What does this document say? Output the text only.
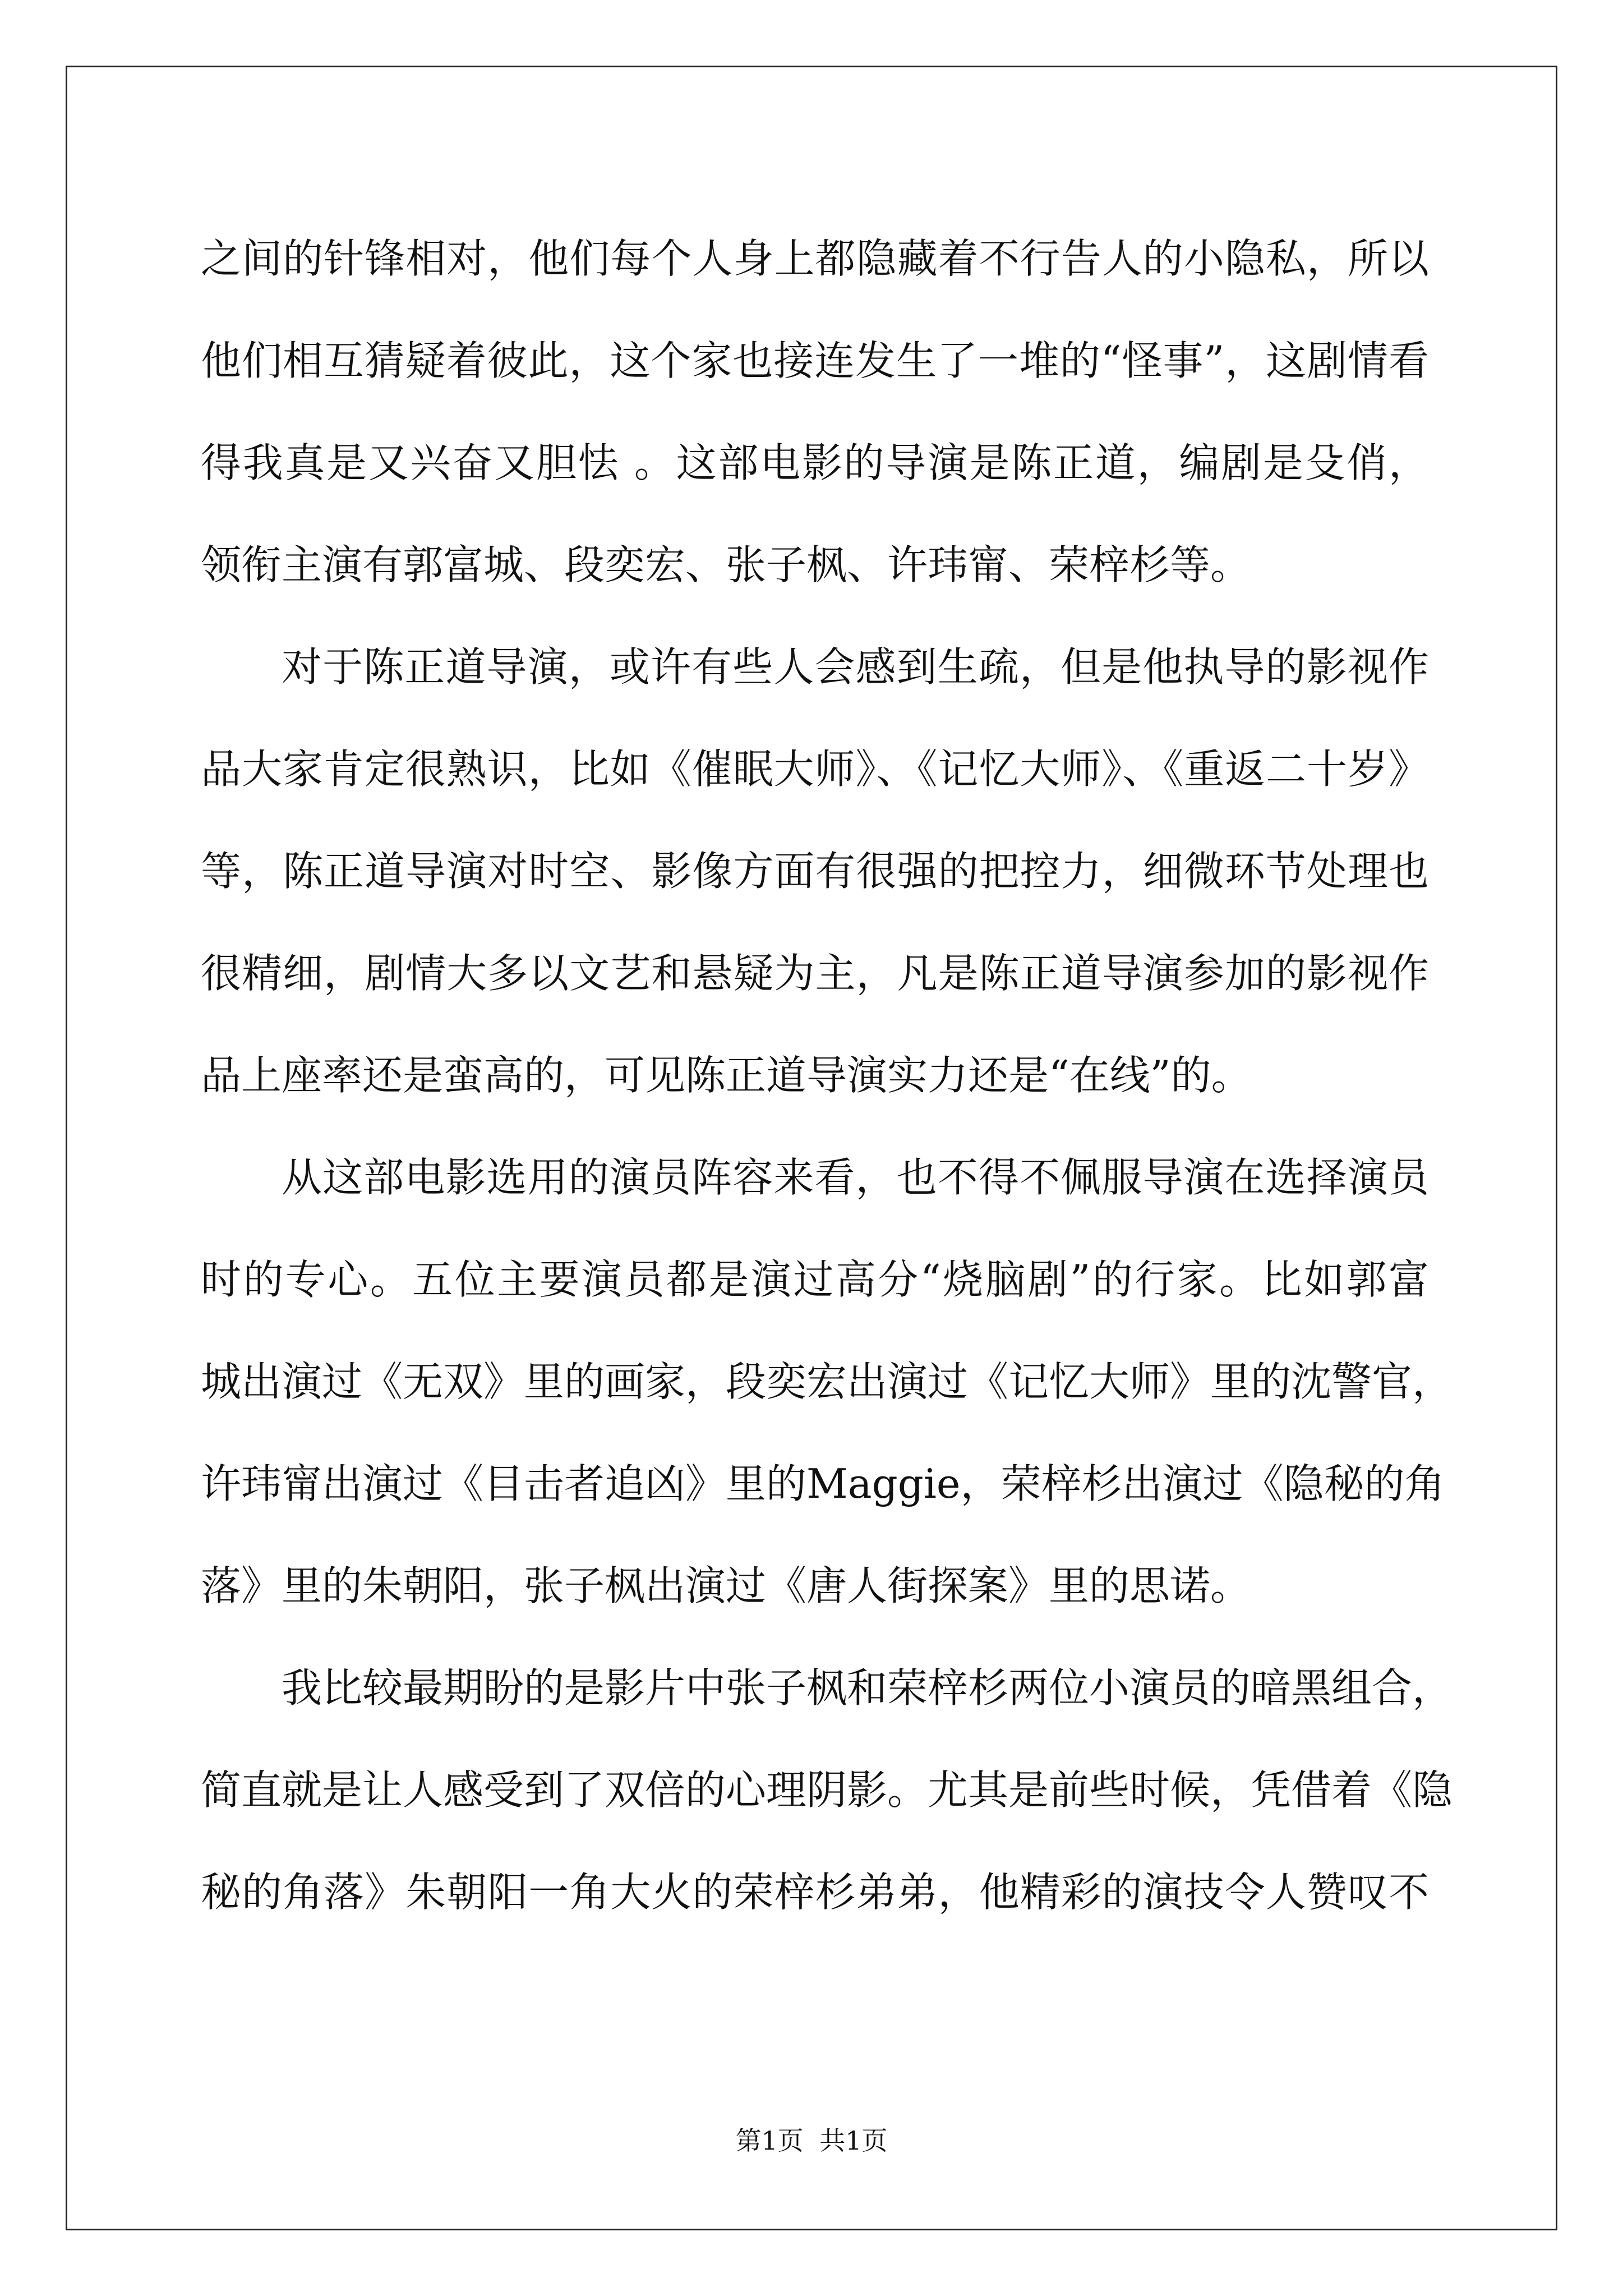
之间的针锋相对，他们每个人身上都隐藏着不行告人的小隐私，所以
他们相互猜疑着彼此，这个家也接连发生了一堆的“怪事”，这剧情看
得我真是又兴奋又胆怯 。这部电影的导演是陈正道，编剧是殳俏，
领衔主演有郭富城、段奕宏、张子枫、许玮甯、荣梓杉等。
对于陈正道导演，或许有些人会感到生疏，但是他执导的影视作
品大家肯定很熟识，比如《催眠大师》、《记忆大师》、《重返二十岁》
等，陈正道导演对时空、影像方面有很强的把控力，细微环节处理也
很精细，剧情大多以文艺和悬疑为主，凡是陈正道导演参加的影视作
品上座率还是蛮高的，可见陈正道导演实力还是“在线”的。
从这部电影选用的演员阵容来看，也不得不佩服导演在选择演员
时的专心。五位主要演员都是演过高分“烧脑剧”的行家。比如郭富
城出演过《无双》里的画家，段奕宏出演过《记忆大师》里的沈警官，
许玮甯出演过《目击者追凶》里的Maggie，荣梓杉出演过《隐秘的角
落》里的朱朝阳，张子枫出演过《唐人街探案》里的思诺。
我比较最期盼的是影片中张子枫和荣梓杉两位小演员的暗黑组合，
简直就是让人感受到了双倍的心理阴影。尤其是前些时候，凭借着《隐
秘的角落》朱朝阳一角大火的荣梓杉弟弟，他精彩的演技令人赞叹不
第1页 共1页
